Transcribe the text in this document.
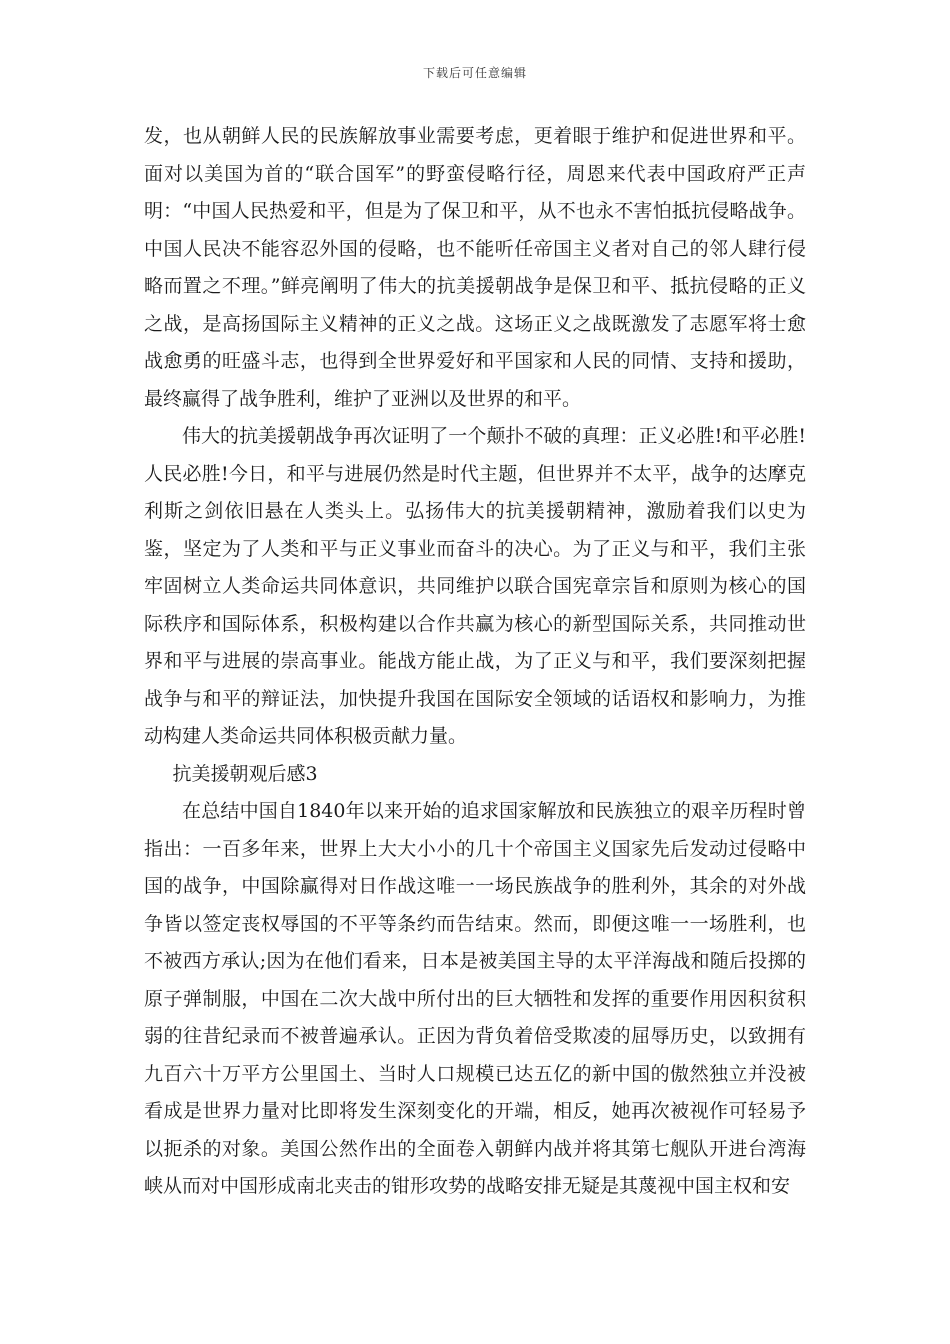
下载后可任意编辑

发，也从朝鲜人民的民族解放事业需要考虑，更着眼于维护和促进世界和平。面对以美国为首的“联合国军”的野蛮侵略行径，周恩来代表中国政府严正声明：“中国人民热爱和平，但是为了保卫和平，从不也永不害怕抵抗侵略战争。中国人民决不能容忍外国的侵略，也不能听任帝国主义者对自己的邻人肆行侵略而置之不理。”鲜亮阐明了伟大的抗美援朝战争是保卫和平、抵抗侵略的正义之战，是高扬国际主义精神的正义之战。这场正义之战既激发了志愿军将士愈战愈勇的旺盛斗志，也得到全世界爱好和平国家和人民的同情、支持和援助，最终赢得了战争胜利，维护了亚洲以及世界的和平。

伟大的抗美援朝战争再次证明了一个颠扑不破的真理：正义必胜!和平必胜!人民必胜!今日，和平与进展仍然是时代主题，但世界并不太平，战争的达摩克利斯之剑依旧悬在人类头上。弘扬伟大的抗美援朝精神，激励着我们以史为鉴，坚定为了人类和平与正义事业而奋斗的决心。为了正义与和平，我们主张牢固树立人类命运共同体意识，共同维护以联合国宪章宗旨和原则为核心的国际秩序和国际体系，积极构建以合作共赢为核心的新型国际关系，共同推动世界和平与进展的崇高事业。能战方能止战，为了正义与和平，我们要深刻把握战争与和平的辩证法，加快提升我国在国际安全领域的话语权和影响力，为推动构建人类命运共同体积极贡献力量。

抗美援朝观后感3

在总结中国自1840年以来开始的追求国家解放和民族独立的艰辛历程时曾指出：一百多年来，世界上大大小小的几十个帝国主义国家先后发动过侵略中国的战争，中国除赢得对日作战这唯一一场民族战争的胜利外，其余的对外战争皆以签定丧权辱国的不平等条约而告结束。然而，即便这唯一一场胜利，也不被西方承认;因为在他们看来，日本是被美国主导的太平洋海战和随后投掷的原子弹制服，中国在二次大战中所付出的巨大牺牲和发挥的重要作用因积贫积弱的往昔纪录而不被普遍承认。正因为背负着倍受欺凌的屈辱历史，以致拥有九百六十万平方公里国土、当时人口规模已达五亿的新中国的傲然独立并没被看成是世界力量对比即将发生深刻变化的开端，相反，她再次被视作可轻易予以扼杀的对象。美国公然作出的全面卷入朝鲜内战并将其第七舰队开进台湾海峡从而对中国形成南北夹击的钳形攻势的战略安排无疑是其蔑视中国主权和安
